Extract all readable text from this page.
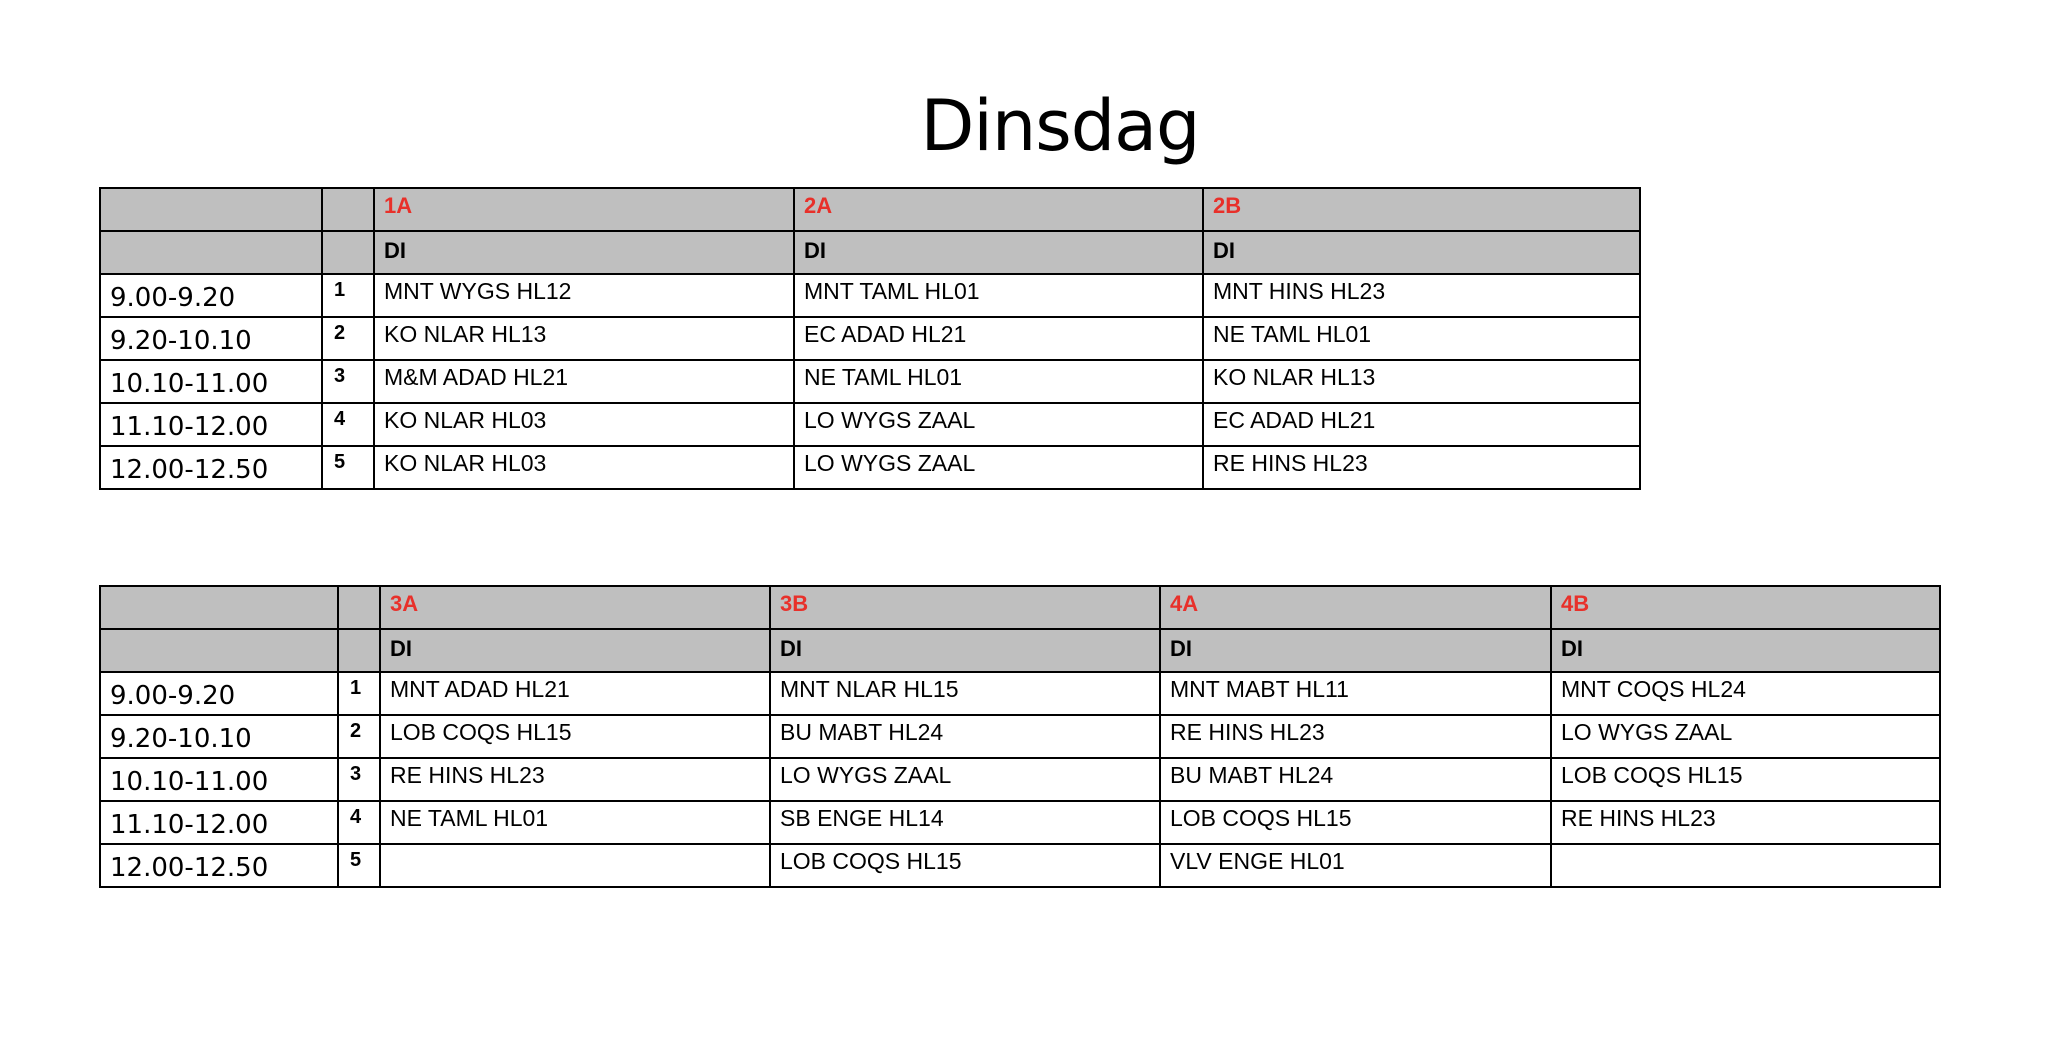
Dinsdag
		1A	2A	2B
		DI	DI	DI
9.00-9.20	1	MNT WYGS HL12	MNT TAML HL01	MNT HINS HL23
9.20-10.10	2	KO NLAR HL13	EC ADAD HL21	NE TAML HL01
10.10-11.00	3	M&M ADAD HL21	NE TAML HL01	KO NLAR HL13
11.10-12.00	4	KO NLAR HL03	LO WYGS ZAAL	EC ADAD HL21
12.00-12.50	5	KO NLAR HL03	LO WYGS ZAAL	RE HINS HL23
		3A	3B	4A	4B
		DI	DI	DI	DI
9.00-9.20	1	MNT ADAD HL21	MNT NLAR HL15	MNT MABT HL11	MNT COQS HL24
9.20-10.10	2	LOB COQS HL15	BU MABT HL24	RE HINS HL23	LO WYGS ZAAL
10.10-11.00	3	RE HINS HL23	LO WYGS ZAAL	BU MABT HL24	LOB COQS HL15
11.10-12.00	4	NE TAML HL01	SB ENGE HL14	LOB COQS HL15	RE HINS HL23
12.00-12.50	5		LOB COQS HL15	VLV ENGE HL01	
